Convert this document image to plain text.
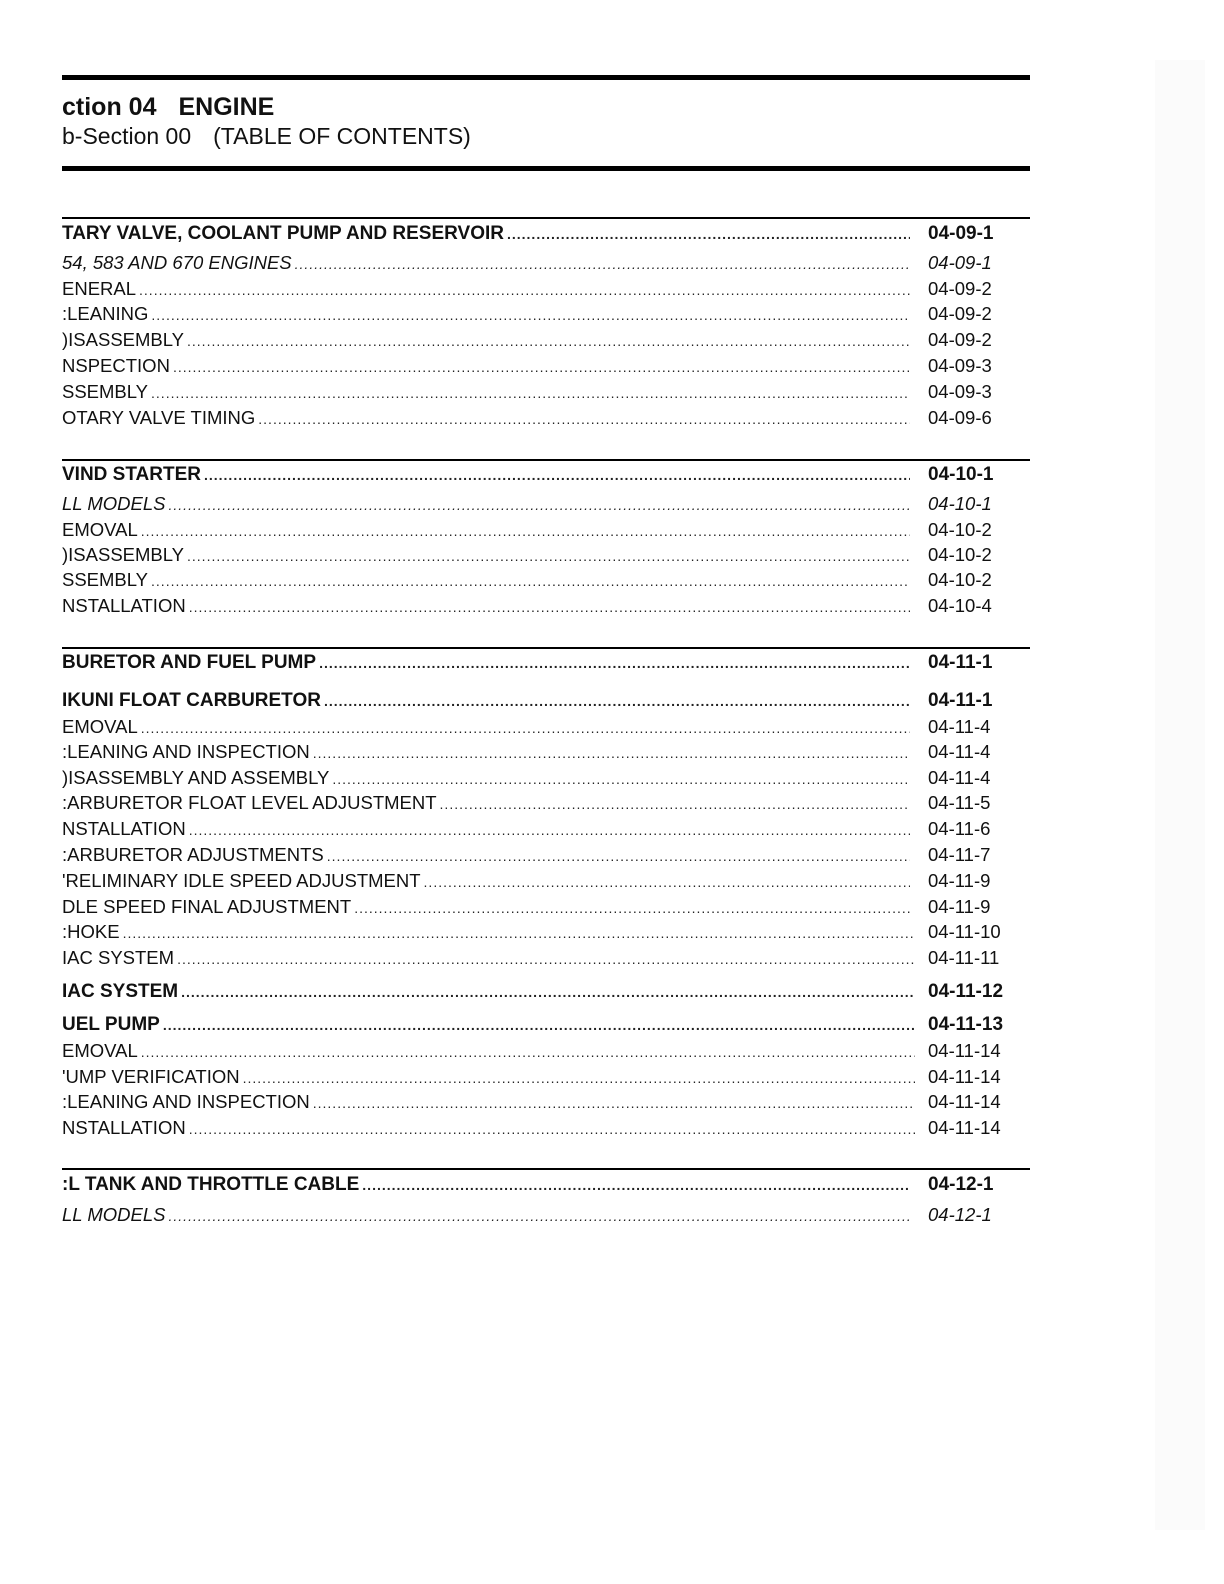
ction 04 ENGINE
b-Section 00 (TABLE OF CONTENTS)
TARY VALVE, COOLANT PUMP AND RESERVOIR .....	04-09-1
54, 583 AND 670 ENGINES .....	04-09-1
ENERAL .....	04-09-2
:LEANING .....	04-09-2
)ISASSEMBLY .....	04-09-2
NSPECTION .....	04-09-3
SSEMBLY .....	04-09-3
OTARY VALVE TIMING .....	04-09-6
VIND STARTER .....	04-10-1
LL MODELS .....	04-10-1
EMOVAL .....	04-10-2
)ISASSEMBLY .....	04-10-2
SSEMBLY .....	04-10-2
NSTALLATION .....	04-10-4
BURETOR AND FUEL PUMP .....	04-11-1
IKUNI FLOAT CARBURETOR .....	04-11-1
EMOVAL .....	04-11-4
:LEANING AND INSPECTION .....	04-11-4
)ISASSEMBLY AND ASSEMBLY .....	04-11-4
:ARBURETOR FLOAT LEVEL ADJUSTMENT .....	04-11-5
NSTALLATION .....	04-11-6
:ARBURETOR ADJUSTMENTS .....	04-11-7
'RELIMINARY IDLE SPEED ADJUSTMENT .....	04-11-9
DLE SPEED FINAL ADJUSTMENT .....	04-11-9
:HOKE .....	04-11-10
IAC SYSTEM .....	04-11-11
IAC SYSTEM .....	04-11-12
UEL PUMP .....	04-11-13
EMOVAL .....	04-11-14
'UMP VERIFICATION .....	04-11-14
:LEANING AND INSPECTION .....	04-11-14
NSTALLATION .....	04-11-14
:L TANK AND THROTTLE CABLE .....	04-12-1
LL MODELS .....	04-12-1
